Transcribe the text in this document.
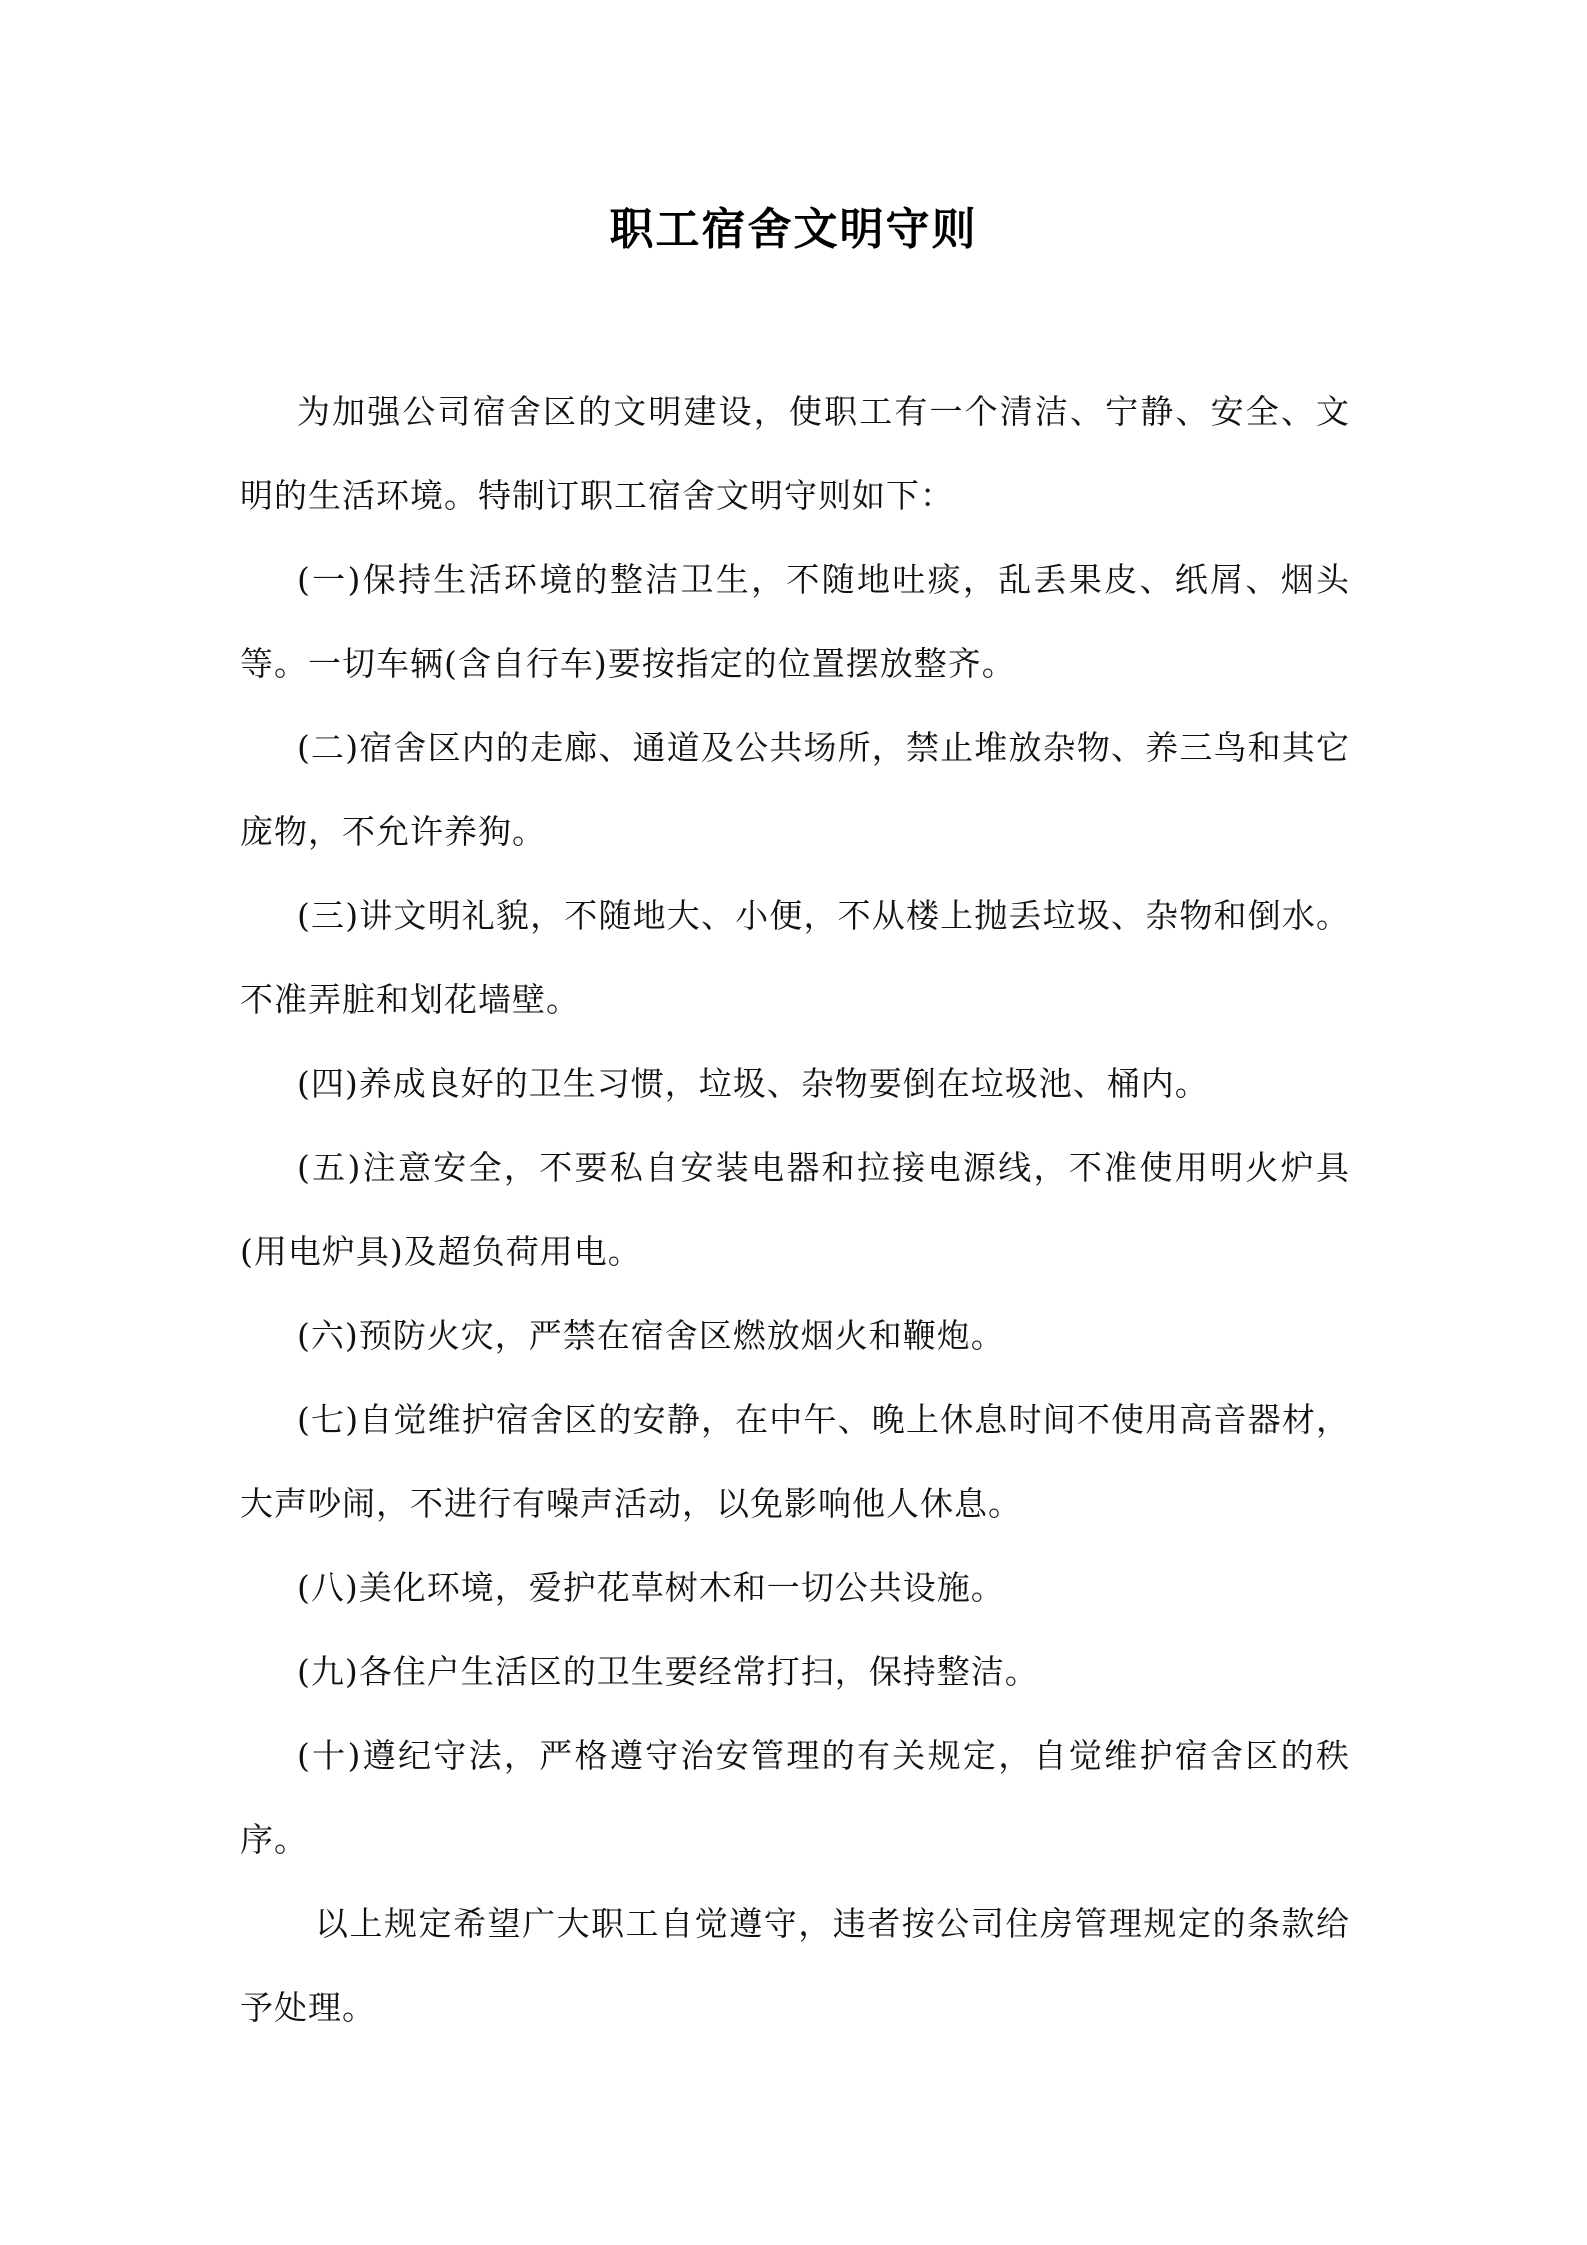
职工宿舍文明守则

为加强公司宿舍区的文明建设，使职工有一个清洁、宁静、安全、文明的生活环境。特制订职工宿舍文明守则如下：

(一)保持生活环境的整洁卫生，不随地吐痰，乱丢果皮、纸屑、烟头等。一切车辆(含自行车)要按指定的位置摆放整齐。

(二)宿舍区内的走廊、通道及公共场所，禁止堆放杂物、养三鸟和其它庞物，不允许养狗。

(三)讲文明礼貌，不随地大、小便，不从楼上抛丢垃圾、杂物和倒水。不准弄脏和划花墙壁。

(四)养成良好的卫生习惯，垃圾、杂物要倒在垃圾池、桶内。

(五)注意安全，不要私自安装电器和拉接电源线，不准使用明火炉具(用电炉具)及超负荷用电。

(六)预防火灾，严禁在宿舍区燃放烟火和鞭炮。

(七)自觉维护宿舍区的安静，在中午、晚上休息时间不使用高音器材，大声吵闹，不进行有噪声活动，以免影响他人休息。

(八)美化环境，爱护花草树木和一切公共设施。

(九)各住户生活区的卫生要经常打扫，保持整洁。

(十)遵纪守法，严格遵守治安管理的有关规定，自觉维护宿舍区的秩序。

以上规定希望广大职工自觉遵守，违者按公司住房管理规定的条款给予处理。
